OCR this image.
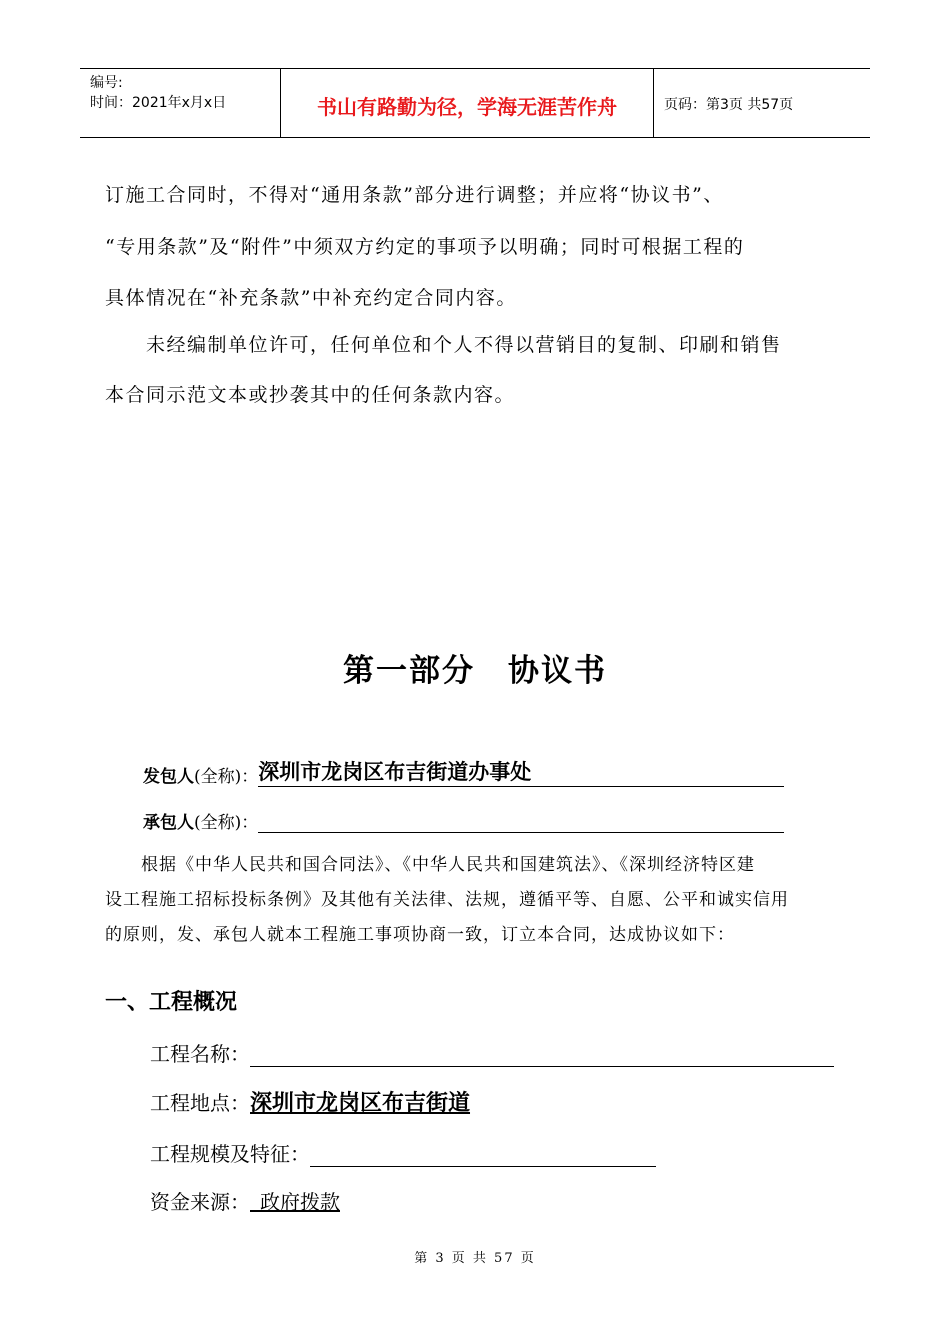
编号:
时间：2021年x月x日	书山有路勤为径，学海无涯苦作舟	页码：第3页 共57页
订施工合同时，不得对“通用条款”部分进行调整；并应将“协议书”、
“专用条款”及“附件”中须双方约定的事项予以明确；同时可根据工程的
具体情况在“补充条款”中补充约定合同内容。
　　未经编制单位许可，任何单位和个人不得以营销目的复制、印刷和销售
本合同示范文本或抄袭其中的任何条款内容。
第一部分　协议书
发包人(全称)：深圳市龙岗区布吉街道办事处
承包人(全称)：
　　根据《中华人民共和国合同法》、《中华人民共和国建筑法》、《深圳经济特区建
设工程施工招标投标条例》及其他有关法律、法规，遵循平等、自愿、公平和诚实信用
的原则，发、承包人就本工程施工事项协商一致，订立本合同，达成协议如下：
一、工程概况
工程名称：
工程地点：深圳市龙岗区布吉街道
工程规模及特征：
资金来源：  政府拨款
第 3 页 共 57 页
